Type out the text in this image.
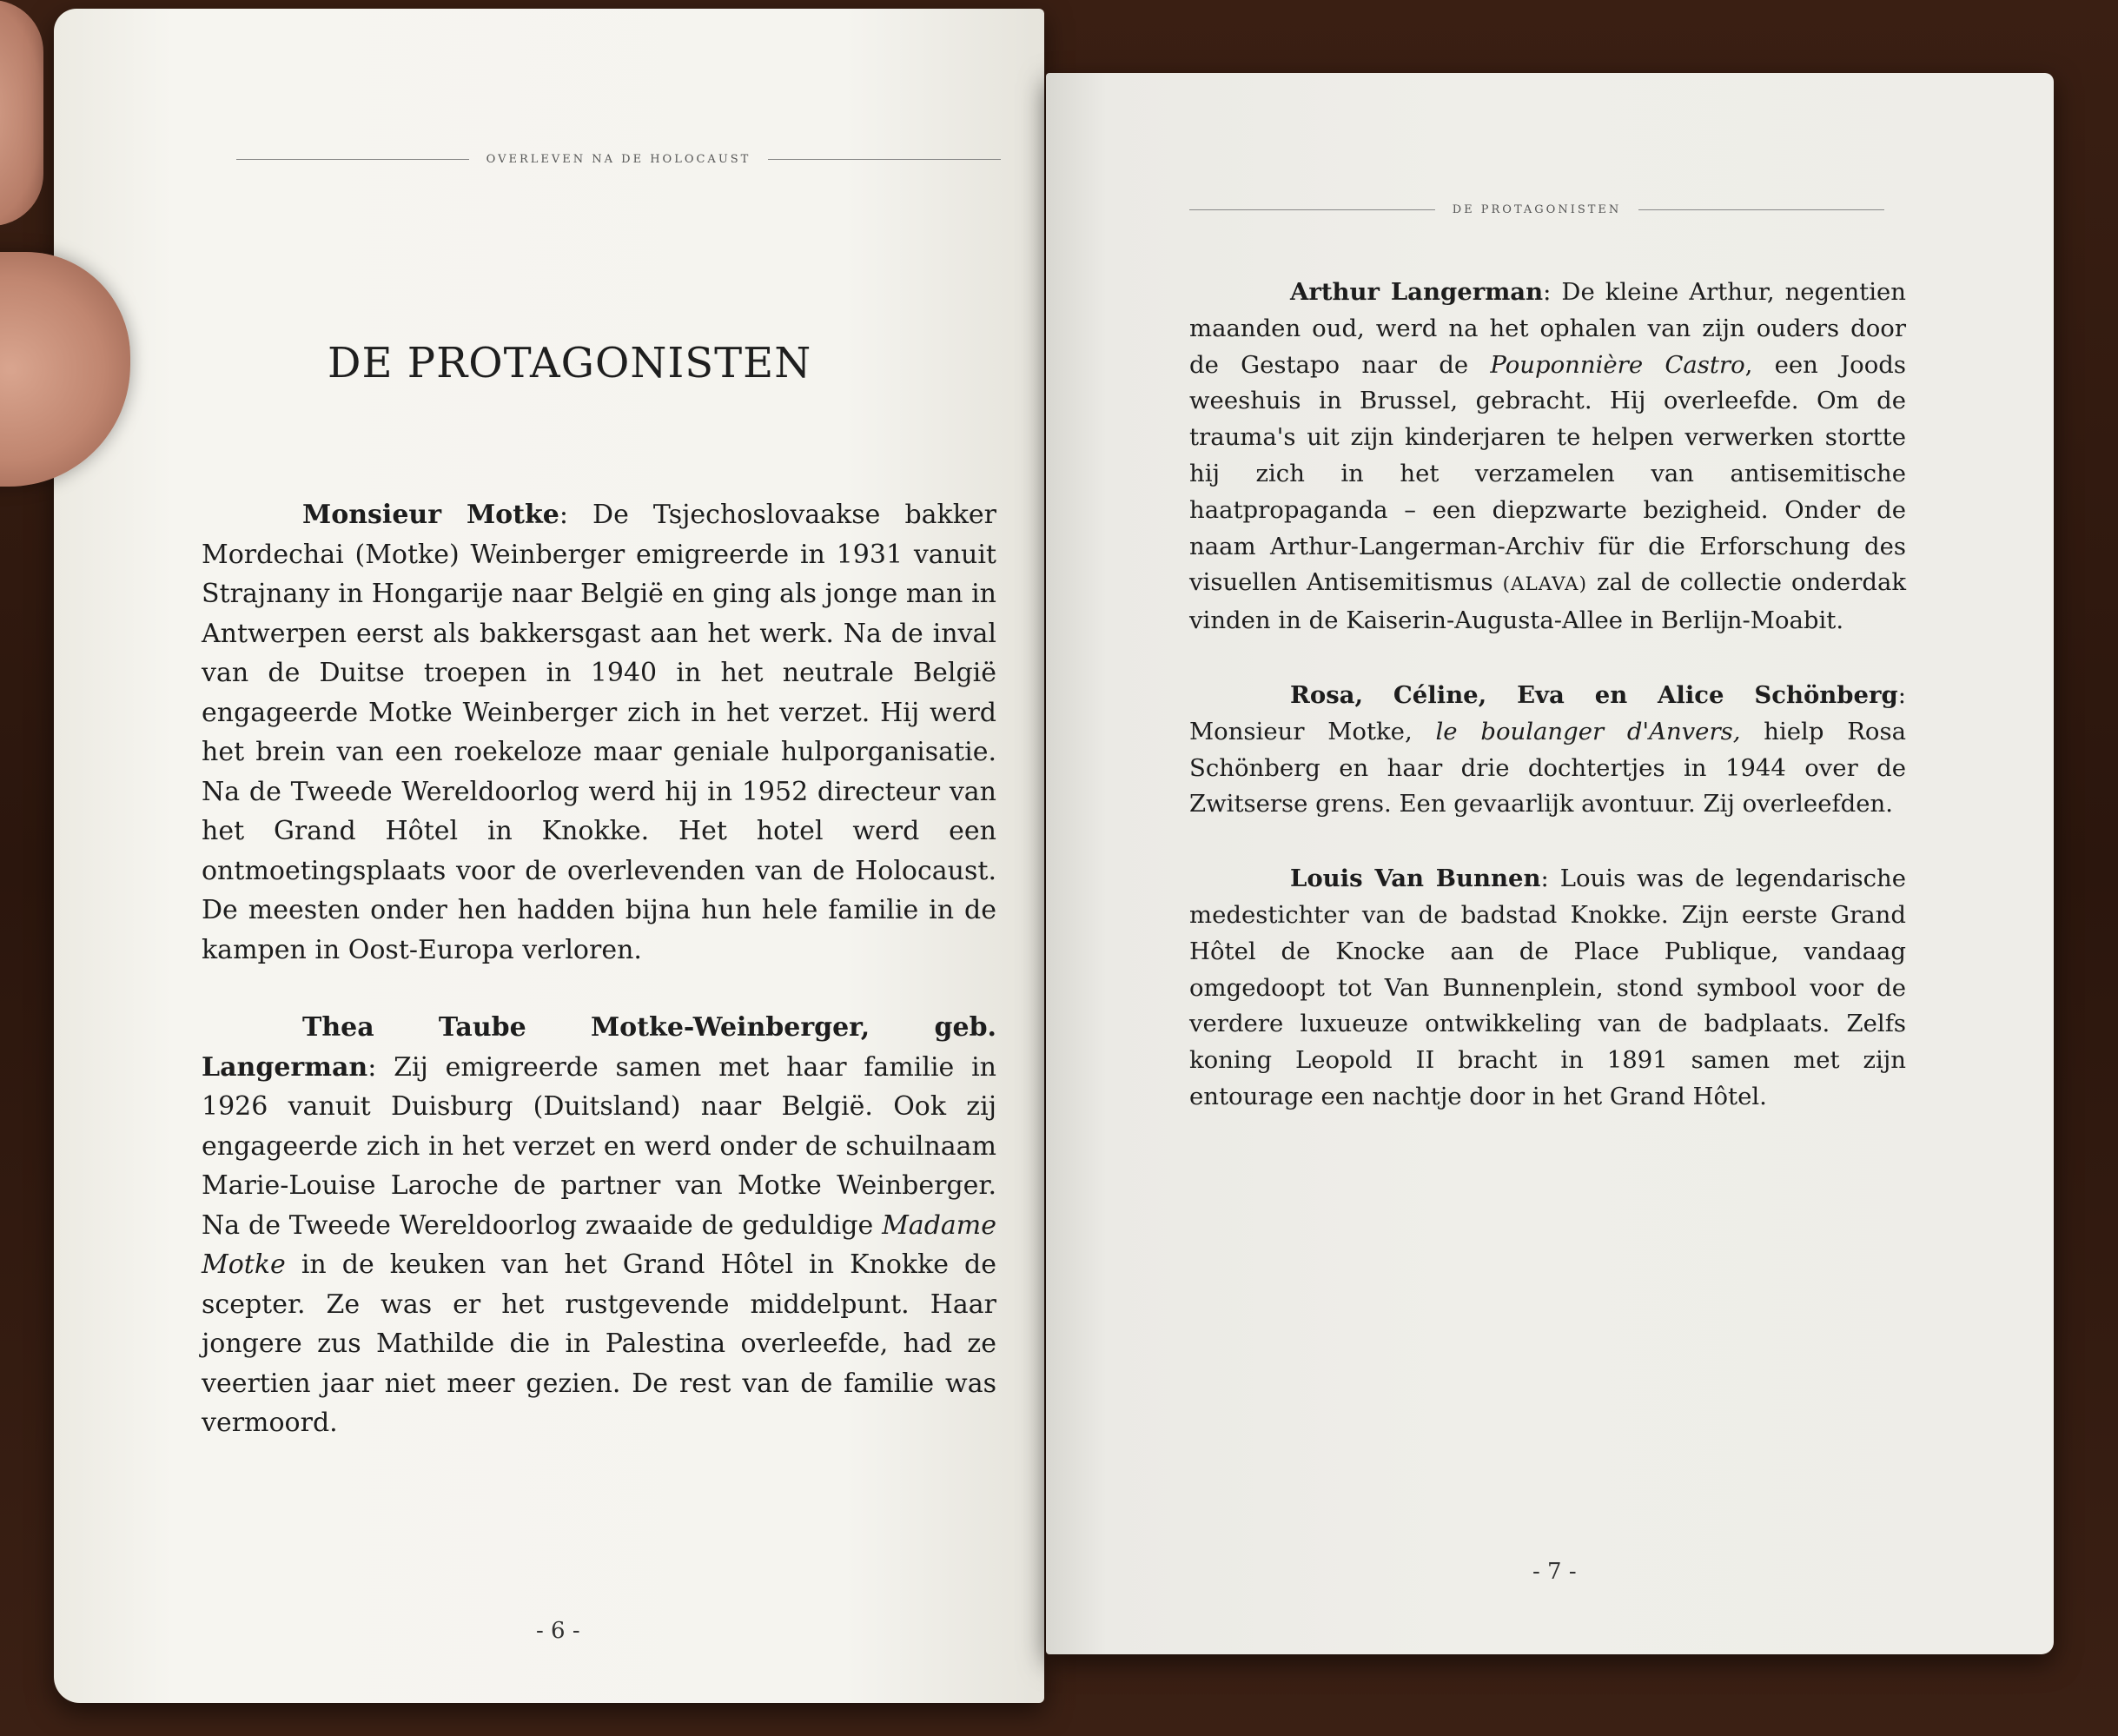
OVERLEVEN NA DE HOLOCAUST
DE PROTAGONISTEN

Monsieur Motke: De Tsjechoslovaakse bakker Mordechai (Motke) Weinberger emigreerde in 1931 vanuit Strajnany in Hongarije naar België en ging als jonge man in Antwerpen eerst als bakkersgast aan het werk. Na de inval van de Duitse troepen in 1940 in het neutrale België engageerde Motke Weinberger zich in het verzet. Hij werd het brein van een roekeloze maar geniale hulporganisatie. Na de Tweede Wereldoorlog werd hij in 1952 directeur van het Grand Hôtel in Knokke. Het hotel werd een ontmoetingsplaats voor de overlevenden van de Holocaust. De meesten onder hen hadden bijna hun hele familie in de kampen in Oost-Europa verloren.

Thea Taube Motke-Weinberger, geb. Langerman: Zij emigreerde samen met haar familie in 1926 vanuit Duisburg (Duitsland) naar België. Ook zij engageerde zich in het verzet en werd onder de schuilnaam Marie-Louise Laroche de partner van Motke Weinberger. Na de Tweede Wereldoorlog zwaaide de geduldige Madame Motke in de keuken van het Grand Hôtel in Knokke de scepter. Ze was er het rustgevende middelpunt. Haar jongere zus Mathilde die in Palestina overleefde, had ze veertien jaar niet meer gezien. De rest van de familie was vermoord.

- 6 -
DE PROTAGONISTEN

Arthur Langerman: De kleine Arthur, negentien maanden oud, werd na het ophalen van zijn ouders door de Gestapo naar de Pouponnière Castro, een Joods weeshuis in Brussel, gebracht. Hij overleefde. Om de trauma's uit zijn kinderjaren te helpen verwerken stortte hij zich in het verzamelen van antisemitische haatpropaganda – een diepzwarte bezigheid. Onder de naam Arthur-Langerman-Archiv für die Erforschung des visuellen Antisemitismus (ALAVA) zal de collectie onderdak vinden in de Kaiserin-Augusta-Allee in Berlijn-Moabit.

Rosa, Céline, Eva en Alice Schönberg: Monsieur Motke, le boulanger d'Anvers, hielp Rosa Schönberg en haar drie dochtertjes in 1944 over de Zwitserse grens. Een gevaarlijk avontuur. Zij overleefden.

Louis Van Bunnen: Louis was de legendarische medestichter van de badstad Knokke. Zijn eerste Grand Hôtel de Knocke aan de Place Publique, vandaag omgedoopt tot Van Bunnenplein, stond symbool voor de verdere luxueuze ontwikkeling van de badplaats. Zelfs koning Leopold II bracht in 1891 samen met zijn entourage een nachtje door in het Grand Hôtel.

- 7 -
